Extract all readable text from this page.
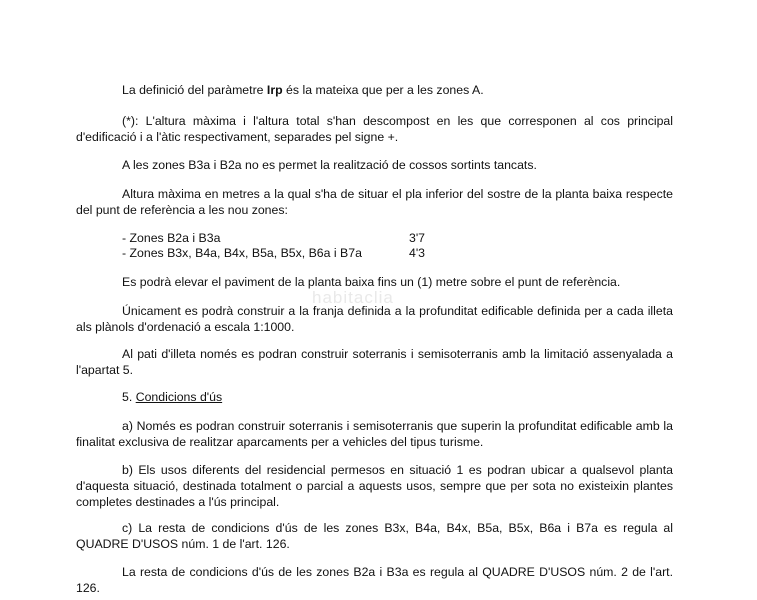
habitaclia
La definició del paràmetre Irp és la mateixa que per a les zones A.
(*): L'altura màxima i l'altura total s'han descompost en les que corresponen al cos principal d'edificació i a l'àtic respectivament, separades pel signe +.
A les zones B3a i B2a no es permet la realització de cossos sortints tancats.
Altura màxima en metres a la qual s'ha de situar el pla inferior del sostre de la planta baixa respecte del punt de referència a les nou zones:
- Zones B2a i B3a	3'7
- Zones B3x, B4a, B4x, B5a, B5x, B6a i B7a	4'3
Es podrà elevar el paviment de la planta baixa fins un (1) metre sobre el punt de referència.
Únicament es podrà construir a la franja definida a la profunditat edificable definida per a cada illeta als plànols d'ordenació a escala 1:1000.
Al pati d'illeta només es podran construir soterranis i semisoterranis amb la limitació assenyalada a l'apartat 5.
5. Condicions d'ús
a) Només es podran construir soterranis i semisoterranis que superin la profunditat edificable amb la finalitat exclusiva de realitzar aparcaments per a vehicles del tipus turisme.
b) Els usos diferents del residencial permesos en situació 1 es podran ubicar a qualsevol planta d'aquesta situació, destinada totalment o parcial a aquests usos, sempre que per sota no existeixin plantes completes destinades a l'ús principal.
c) La resta de condicions d'ús de les zones B3x, B4a, B4x, B5a, B5x, B6a i B7a es regula al QUADRE D'USOS núm. 1 de l'art. 126.
La resta de condicions d'ús de les zones B2a i B3a es regula al QUADRE D'USOS núm. 2 de l'art. 126.
